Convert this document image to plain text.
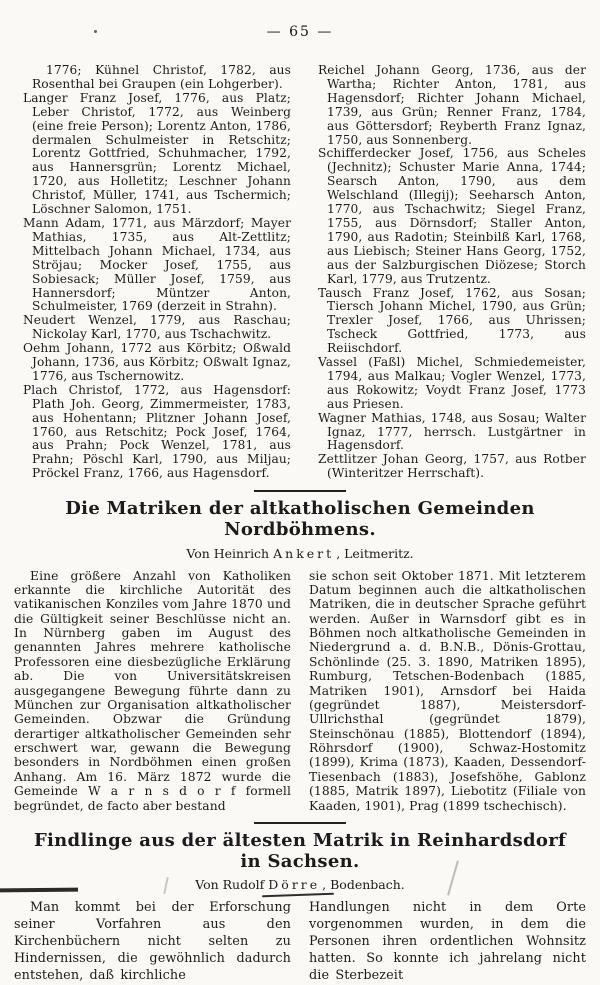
— 65 —

1776; Kühnel Christof, 1782, aus Rosenthal bei Graupen (ein Lohgerber).

Langer Franz Josef, 1776, aus Platz; Leber Christof, 1772, aus Weinberg (eine freie Person); Lorentz Anton, 1786, dermalen Schulmeister in Retschitz; Lorentz Gottfried, Schuhmacher, 1792, aus Hannersgrün; Lorentz Michael, 1720, aus Holletitz; Leschner Johann Christof, Müller, 1741, aus Tschermich; Löschner Salomon, 1751.

Mann Adam, 1771, aus Märzdorf; Mayer Mathias, 1735, aus Alt-Zettlitz; Mittelbach Johann Michael, 1734, aus Ströjau; Mocker Josef, 1755, aus Sobiesack; Müller Josef, 1759, aus Hannersdorf; Müntzer Anton, Schulmeister, 1769 (derzeit in Strahn).

Neudert Wenzel, 1779, aus Raschau; Nickolay Karl, 1770, aus Tschachwitz.

Oehm Johann, 1772 aus Körbitz; Oßwald Johann, 1736, aus Körbitz; Oßwalt Ignaz, 1776, aus Tschernowitz.

Plach Christof, 1772, aus Hagensdorf: Plath Joh. Georg, Zimmermeister, 1783, aus Hohentann; Plitzner Johann Josef, 1760, aus Retschitz; Pock Josef, 1764, aus Prahn; Pock Wenzel, 1781, aus Prahn; Pöschl Karl, 1790, aus Miljau; Pröckel Franz, 1766, aus Hagensdorf.

Reichel Johann Georg, 1736, aus der Wartha; Richter Anton, 1781, aus Hagensdorf; Richter Johann Michael, 1739, aus Grün; Renner Franz, 1784, aus Göttersdorf; Reyberth Franz Ignaz, 1750, aus Sonnenberg.

Schifferdecker Josef, 1756, aus Scheles (Jechnitz); Schuster Marie Anna, 1744; Searsch Anton, 1790, aus dem Welschland (Illegij); Seeharsch Anton, 1770, aus Tschachwitz; Siegel Franz, 1755, aus Dörnsdorf; Staller Anton, 1790, aus Radotin; Steinbilß Karl, 1768, aus Liebisch; Steiner Hans Georg, 1752, aus der Salzburgischen Diözese; Storch Karl, 1779, aus Trutzentz.

Tausch Franz Josef, 1762, aus Sosan; Tiersch Johann Michel, 1790, aus Grün; Trexler Josef, 1766, aus Uhrissen; Tscheck Gottfried, 1773, aus Reiischdorf.

Vassel (Faßl) Michel, Schmiedemeister, 1794, aus Malkau; Vogler Wenzel, 1773, aus Rokowitz; Voydt Franz Josef, 1773 aus Priesen.

Wagner Mathias, 1748, aus Sosau; Walter Ignaz, 1777, herrsch. Lustgärtner in Hagensdorf.

Zettlitzer Johan Georg, 1757, aus Rotber (Winteritzer Herrschaft).

Die Matriken der altkatholischen Gemeinden Nordböhmens.

Von Heinrich Ankert , Leitmeritz.

Eine größere Anzahl von Katholiken erkannte die kirchliche Autorität des vatikanischen Konziles vom Jahre 1870 und die Gültigkeit seiner Beschlüsse nicht an. In Nürnberg gaben im August des genannten Jahres mehrere katholische Professoren eine diesbezügliche Erklärung ab. Die von Universitätskreisen ausgegangene Bewegung führte dann zu München zur Organisation altkatholischer Gemeinden. Obzwar die Gründung derartiger altkatholischer Gemeinden sehr erschwert war, gewann die Bewegung besonders in Nordböhmen einen großen Anhang. Am 16. März 1872 wurde die Gemeinde W a r n s d o r f formell begründet, de facto aber bestand

sie schon seit Oktober 1871. Mit letzterem Datum beginnen auch die altkatholischen Matriken, die in deutscher Sprache geführt werden. Außer in Warnsdorf gibt es in Böhmen noch altkatholische Gemeinden in Niedergrund a. d. B.N.B., Dönis-Grottau, Schönlinde (25. 3. 1890, Matriken 1895), Rumburg, Tetschen-Bodenbach (1885, Matriken 1901), Arnsdorf bei Haida (gegründet 1887), Meistersdorf-Ullrichsthal (gegründet 1879), Steinschönau (1885), Blottendorf (1894), Röhrsdorf (1900), Schwaz-Hostomitz (1899), Krima (1873), Kaaden, Dessendorf-Tiesenbach (1883), Josefshöhe, Gablonz (1885, Matrik 1897), Liebotitz (Filiale von Kaaden, 1901), Prag (1899 tschechisch).

Findlinge aus der ältesten Matrik in Reinhardsdorf
in Sachsen.

Von Rudolf Dörre , Bodenbach.

Man kommt bei der Erforschung seiner Vorfahren aus den Kirchenbüchern nicht selten zu Hindernissen, die gewöhnlich dadurch entstehen, daß kirchliche

Handlungen nicht in dem Orte vorgenommen wurden, in dem die Personen ihren ordentlichen Wohnsitz hatten. So konnte ich jahrelang nicht die Sterbezeit
